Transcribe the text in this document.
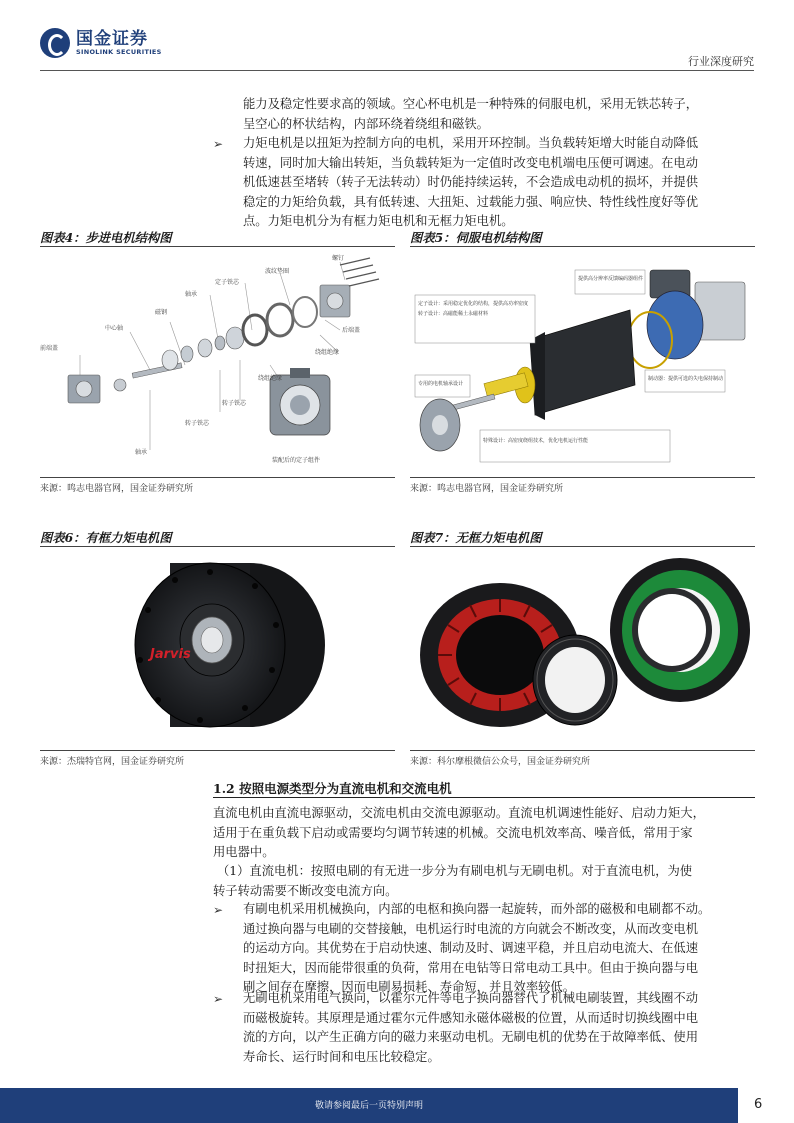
国金证券
SINOLINK SECURITIES
行业深度研究
能力及稳定性要求高的领域。空心杯电机是一种特殊的伺服电机，采用无铁芯转子，
呈空心的杯状结构，内部环绕着绕组和磁铁。
➢ 力矩电机是以扭矩为控制方向的电机，采用开环控制。当负载转矩增大时能自动降低
转速，同时加大输出转矩，当负载转矩为一定值时改变电机端电压便可调速。在电动
机低速甚至堵转（转子无法转动）时仍能持续运转，不会造成电动机的损坏，并提供
稳定的力矩给负载，具有低转速、大扭矩、过载能力强、响应快、特性线性度好等优
点。力矩电机分为有框力矩电机和无框力矩电机。
图表4：步进电机结构图
前端盖
中心轴
磁钢
轴承
定子铁芯
波纹垫圈
螺钉
后端盖
绕组绝缘
绕组绝缘
转子铁芯
转子铁芯
轴承
装配后的定子组件
来源：鸣志电器官网，国金证券研究所
图表5：伺服电机结构图
定子设计：采用稳定优化的结构，提供高功率密度
转子设计：高磁能稀土永磁材料
专用的电机轴承设计
提供高分辨率反馈编码器组件
制动器：提供可选的失电保持制动
特殊设计：高密度绕组技术，优化电机运行性能
来源：鸣志电器官网，国金证券研究所
图表6：有框力矩电机图
Jarvis
来源：杰瑞特官网，国金证券研究所
图表7：无框力矩电机图
来源：科尔摩根微信公众号，国金证券研究所
1.2 按照电源类型分为直流电机和交流电机
直流电机由直流电源驱动，交流电机由交流电源驱动。直流电机调速性能好、启动力矩大，
适用于在重负载下启动或需要均匀调节转速的机械。交流电机效率高、噪音低，常用于家
用电器中。
（1）直流电机：按照电刷的有无进一步分为有刷电机与无刷电机。对于直流电机，为使
转子转动需要不断改变电流方向。
➢ 有刷电机采用机械换向，内部的电枢和换向器一起旋转，而外部的磁极和电刷都不动。
通过换向器与电刷的交替接触，电机运行时电流的方向就会不断改变，从而改变电机
的运动方向。其优势在于启动快速、制动及时、调速平稳，并且启动电流大、在低速
时扭矩大，因而能带很重的负荷，常用在电钻等日常电动工具中。但由于换向器与电
刷之间存在摩擦，因而电刷易损耗、寿命短，并且效率较低。
➢ 无刷电机采用电气换向，以霍尔元件等电子换向器替代了机械电刷装置，其线圈不动
而磁极旋转。其原理是通过霍尔元件感知永磁体磁极的位置，从而适时切换线圈中电
流的方向，以产生正确方向的磁力来驱动电机。无刷电机的优势在于故障率低、使用
寿命长、运行时间和电压比较稳定。
敬请参阅最后一页特别声明	6
